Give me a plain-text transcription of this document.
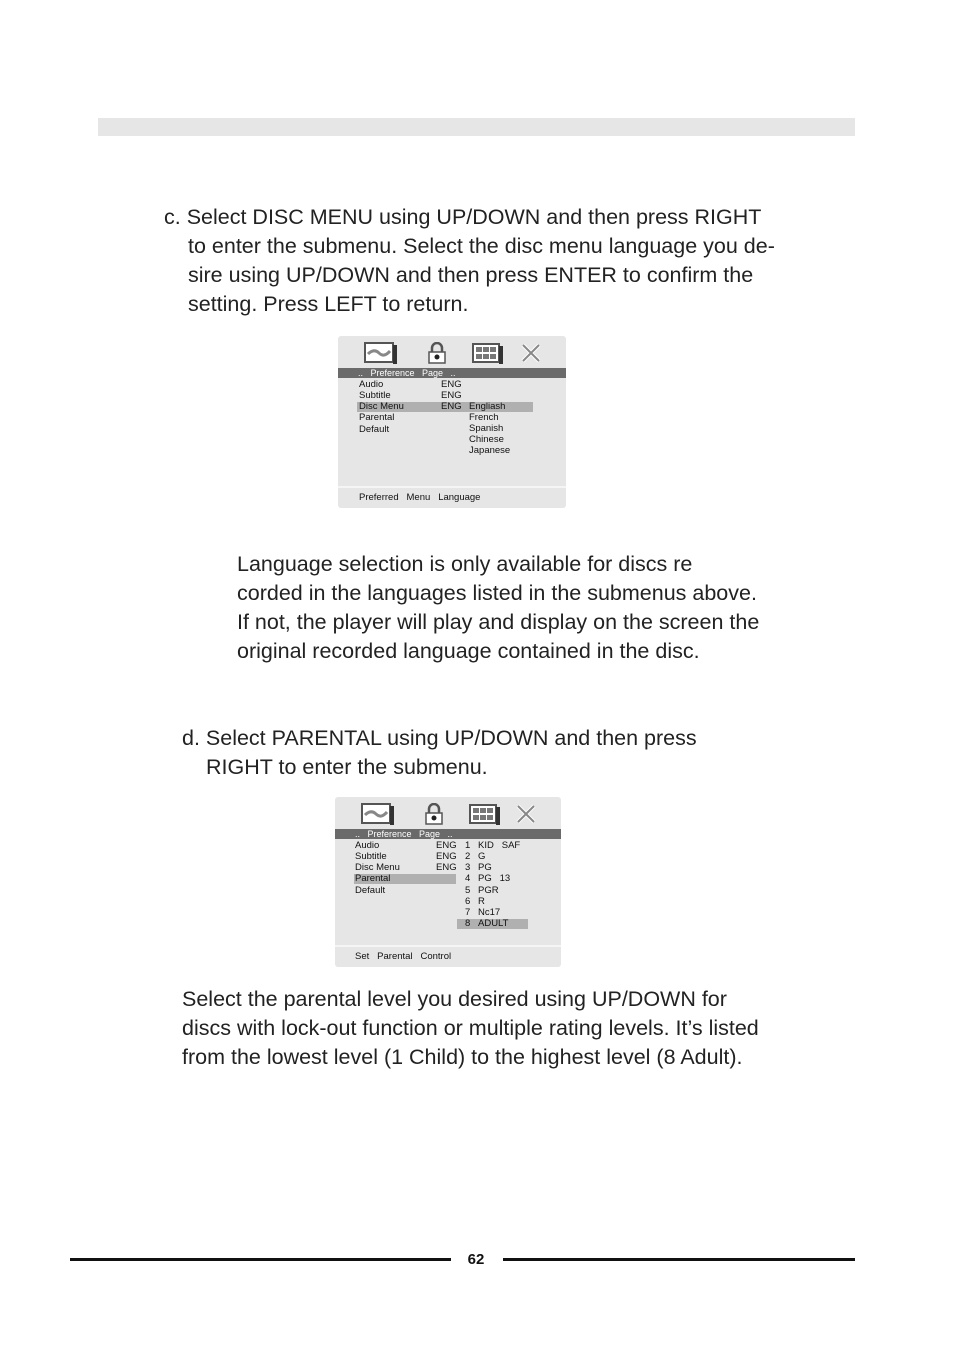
c. Select DISC MENU using UP/DOWN and then press RIGHT
to enter the submenu. Select the disc menu language you de-
sire using UP/DOWN and then press ENTER to confirm the
setting. Press LEFT to return.

..   Preference   Page   ..
Audio
Subtitle
Disc Menu
Parental
Default
ENG
ENG
ENG Engliash
French
Spanish
Chinese
Japanese
Preferred   Menu   Language

Language selection is only available for discs re
corded in the languages listed in the submenus above.
If not, the player will play and display on the screen the
original recorded language contained in the disc.

d. Select PARENTAL using UP/DOWN and then press
RIGHT to enter the submenu.

..   Preference   Page   ..
Audio
Subtitle
Disc Menu
Parental
Default
ENG
ENG
ENG
1 KID   SAF
2 G
3 PG
4 PG   13
5 PGR
6 R
7 Nc17
8 ADULT
Set   Parental   Control

Select the parental level you desired using UP/DOWN for
discs with lock-out function or multiple rating levels. It’s listed
from the lowest level (1 Child) to the highest level (8 Adult).

62
